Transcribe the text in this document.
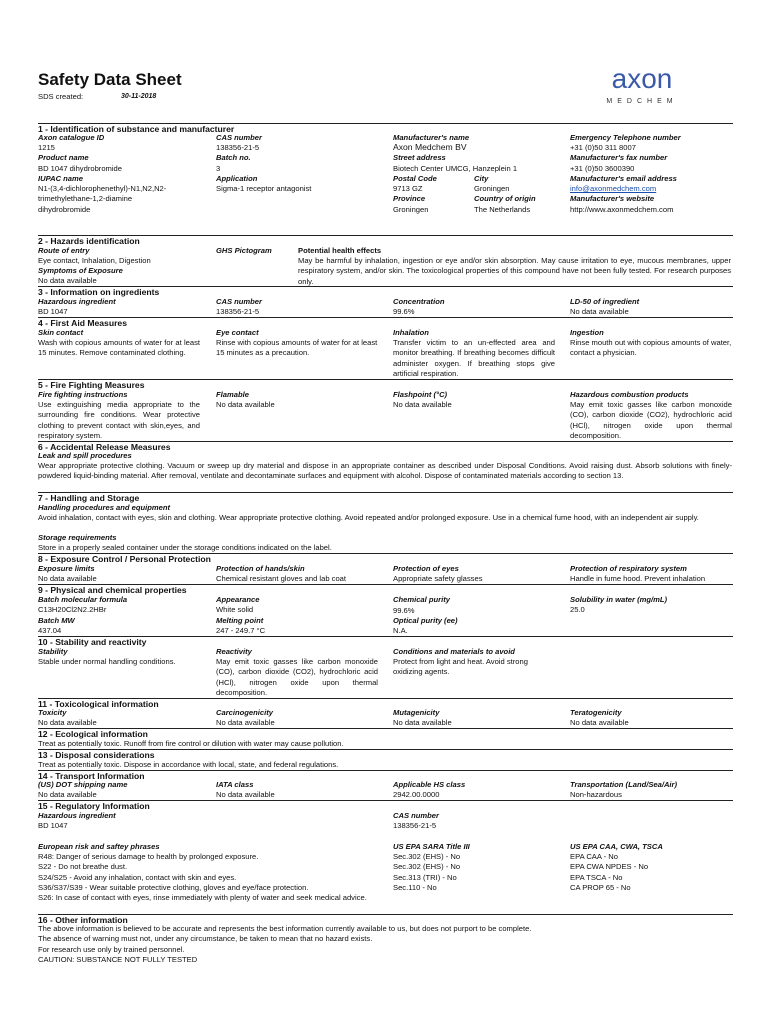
Safety Data Sheet
SDS created:	30-11-2018
axon
MEDCHEM
1 - Identification of substance and manufacturer
Axon catalogue ID
1215
Product name
BD 1047 dihydrobromide
IUPAC name
N1-(3,4-dichlorophenethyl)-N1,N2,N2-
trimethylethane-1,2-diamine
dihydrobromide
CAS number
138356-21-5
Batch no.
3
Application
Sigma-1 receptor antagonist
Manufacturer's name
Axon Medchem BV
Street address
Biotech Center UMCG, Hanzeplein 1
Postal Code
9713 GZ
Province
Groningen
City
Groningen
Country of origin
The Netherlands
Emergency Telephone number
+31 (0)50 311 8007
Manufacturer's fax number
+31 (0)50 3600390
Manufacturer's email address
info@axonmedchem.com
Manufacturer's website
http://www.axonmedchem.com
2 - Hazards identification
Route of entry
Eye contact, Inhalation, Digestion
Symptoms of Exposure
No data available
GHS Pictogram	Potential health effects
May be harmful by inhalation, ingestion or eye and/or skin absorption. May cause irritation to eye, mucous membranes, upper respiratory system, and/or skin. The toxicological properties of this compound have not been fully tested. For research purposes only.
3 - Information on ingredients
Hazardous ingredient
BD 1047
CAS number
138356-21-5
Concentration
99.6%
LD-50 of ingredient
No data available
4 - First Aid Measures
Skin contact
Wash with copious amounts of water for at least 15 minutes. Remove contaminated clothing.
Eye contact
Rinse with copious amounts of water for at least 15 minutes as a precaution.
Inhalation
Transfer victim to an un-effected area and monitor breathing. If breathing becomes difficult administer oxygen. If breathing stops give artificial respiration.
Ingestion
Rinse mouth out with copious amounts of water, contact a physician.
5 - Fire Fighting Measures
Fire fighting instructions
Use extinguishing media appropriate to the surrounding fire conditions. Wear protective clothing to prevent contact with skin,eyes, and respiratory system.
Flamable
No data available
Flashpoint (°C)
No data available
Hazardous combustion products
May emit toxic gasses like carbon monoxide (CO), carbon dioxide (CO2), hydrochloric acid (HCl), nitrogen oxide upon thermal decomposition.
6 - Accidental Release Measures
Leak and spill procedures
Wear appropriate protective clothing. Vacuum or sweep up dry material and dispose in an appropriate container as described under Disposal Conditions. Avoid raising dust. Absorb solutions with finely-powdered liquid-binding material. After removal, ventilate and decontaminate surfaces and equipment with alcohol. Dispose of contaminated materials according to section 13.
7 - Handling and Storage
Handling procedures and equipment
Avoid inhalation, contact with eyes, skin and clothing. Wear appropriate protective clothing. Avoid repeated and/or prolonged exposure. Use in a chemical fume hood, with an independent air supply.
Storage requirements
Store in a properly sealed container under the storage conditions indicated on the label.
8 - Exposure Control / Personal Protection
Exposure limits
No data available
Protection of hands/skin
Chemical resistant gloves and lab coat
Protection of eyes
Appropriate safety glasses
Protection of respiratory system
Handle in fume hood. Prevent inhalation
9 - Physical and chemical properties
Batch molecular formula
C13H20Cl2N2.2HBr
Batch MW
437.04
Appearance
White solid
Melting point
247 - 249.7 °C
Chemical purity
99.6%
Optical purity (ee)
N.A.
Solubility in water (mg/mL)
25.0
10 - Stability and reactivity
Stability
Stable under normal handling conditions.
Reactivity
May emit toxic gasses like carbon monoxide (CO), carbon dioxide (CO2), hydrochloric acid (HCl), nitrogen oxide upon thermal decomposition.
Conditions and materials to avoid
Protect from light and heat. Avoid strong oxidizing agents.
11 - Toxicological information
Toxicity
No data available
Carcinogenicity
No data available
Mutagenicity
No data available
Teratogenicity
No data available
12 - Ecological information
Treat as potentially toxic. Runoff from fire control or dilution with water may cause pollution.
13 - Disposal considerations
Treat as potentially toxic. Dispose in accordance with local, state, and federal regulations.
14 - Transport Information
(US) DOT shipping name
No data available
IATA class
No data available
Applicable HS class
2942.00.0000
Transportation (Land/Sea/Air)
Non-hazardous
15 - Regulatory Information
Hazardous ingredient
BD 1047
CAS number
138356-21-5
European risk and saftey phrases
R48: Danger of serious damage to health by prolonged exposure.
S22 - Do not breathe dust.
S24/S25 - Avoid any inhalation, contact with skin and eyes.
S36/S37/S39 - Wear suitable protective clothing, gloves and eye/face protection.
S26: In case of contact with eyes, rinse immediately with plenty of water and seek medical advice.
US EPA SARA Title III
Sec.302 (EHS) - No
Sec.302 (EHS) - No
Sec.313 (TRI) - No
Sec.110 - No
US EPA CAA, CWA, TSCA
EPA CAA - No
EPA CWA NPDES - No
EPA TSCA - No
CA PROP 65 - No
16 - Other information
The above information is believed to be accurate and represents the best information currently available to us, but does not purport to be complete.
The absence of warning must not, under any circumstance, be taken to mean that no hazard exists.
For research use only by trained personnel.
CAUTION: SUBSTANCE NOT FULLY TESTED
